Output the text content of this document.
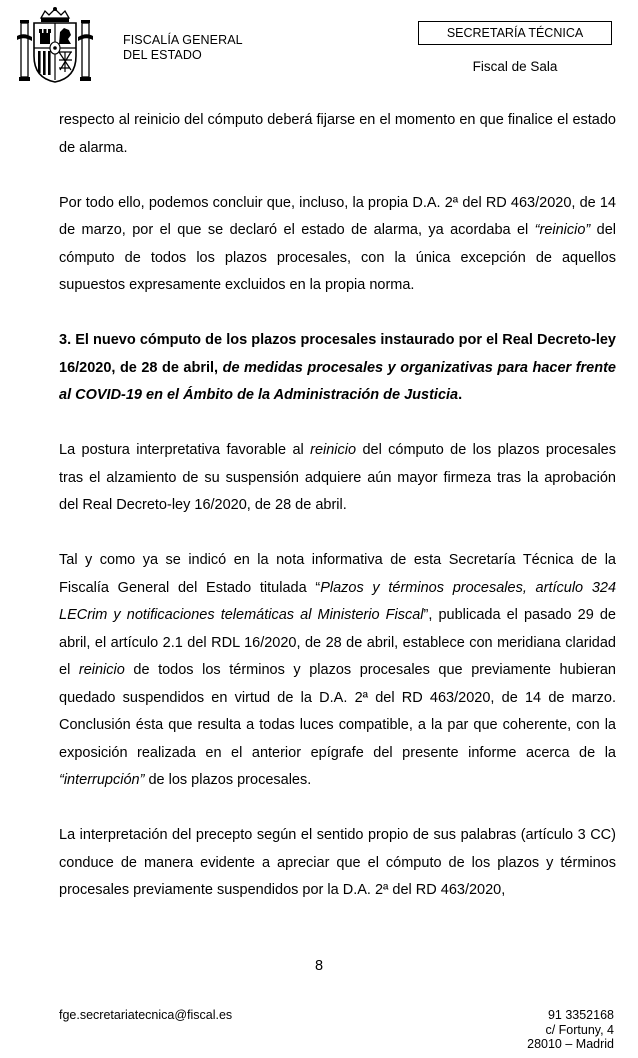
FISCALÍA GENERAL
DEL ESTADO
SECRETARÍA TÉCNICA
Fiscal de Sala

respecto al reinicio del cómputo deberá fijarse en el momento en que finalice el estado de alarma.

Por todo ello, podemos concluir que, incluso, la propia D.A. 2ª del RD 463/2020, de 14 de marzo, por el que se declaró el estado de alarma, ya acordaba el “reinicio” del cómputo de todos los plazos procesales, con la única excepción de aquellos supuestos expresamente excluidos en la propia norma.

3. El nuevo cómputo de los plazos procesales instaurado por el Real Decreto-ley 16/2020, de 28 de abril, de medidas procesales y organizativas para hacer frente al COVID-19 en el Ámbito de la Administración de Justicia.

La postura interpretativa favorable al reinicio del cómputo de los plazos procesales tras el alzamiento de su suspensión adquiere aún mayor firmeza tras la aprobación del Real Decreto-ley 16/2020, de 28 de abril.

Tal y como ya se indicó en la nota informativa de esta Secretaría Técnica de la Fiscalía General del Estado titulada “Plazos y términos procesales, artículo 324 LECrim y notificaciones telemáticas al Ministerio Fiscal”, publicada el pasado 29 de abril, el artículo 2.1 del RDL 16/2020, de 28 de abril, establece con meridiana claridad el reinicio de todos los términos y plazos procesales que previamente hubieran quedado suspendidos en virtud de la D.A. 2ª del RD 463/2020, de 14 de marzo. Conclusión ésta que resulta a todas luces compatible, a la par que coherente, con la exposición realizada en el anterior epígrafe del presente informe acerca de la “interrupción” de los plazos procesales.

La interpretación del precepto según el sentido propio de sus palabras (artículo 3 CC) conduce de manera evidente a apreciar que el cómputo de los plazos y términos procesales previamente suspendidos por la D.A. 2ª del RD 463/2020,

8
fge.secretariatecnica@fiscal.es	91 3352168
c/ Fortuny, 4
28010 – Madrid
